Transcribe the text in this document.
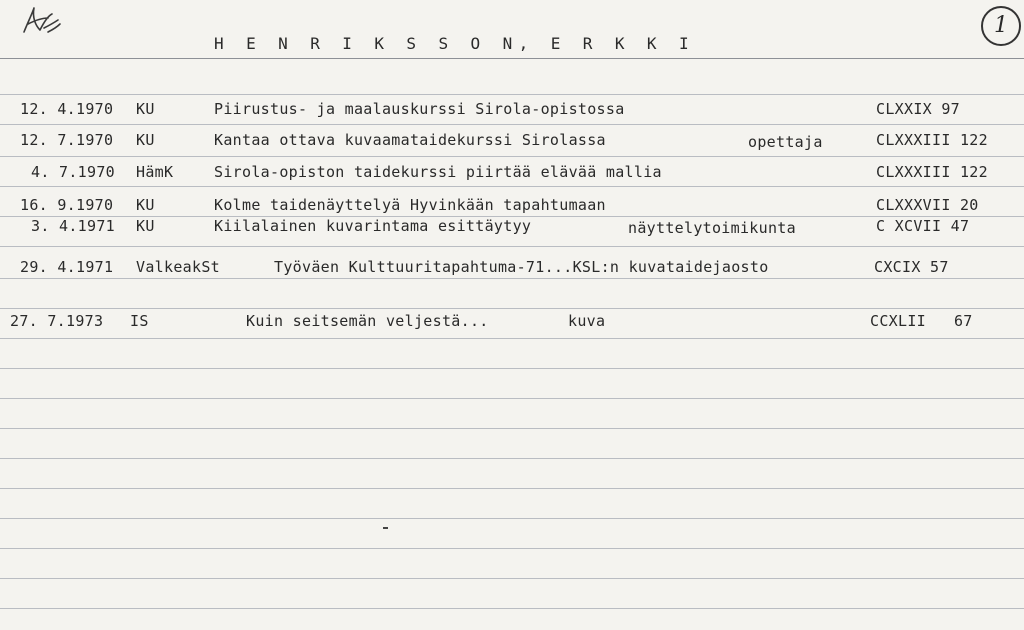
H E N R I K S S O N, E R K K I
1
12. 4.1970 KU	Piirustus- ja maalauskurssi Sirola-opistossa	CLXXIX 97
12. 7.1970 KU	Kantaa ottava kuvaamataidekurssi Sirolassa	opettaja	CLXXXIII 122
4. 7.1970 HämK	Sirola-opiston taidekurssi piirtää elävää mallia	CLXXXIII 122
16. 9.1970 KU	Kolme taidenäyttelyä Hyvinkään tapahtumaan	CLXXXVII 20
3. 4.1971 KU	Kiilalainen kuvarintama esittäytyy	näyttelytoimikunta	C XCVII 47
29. 4.1971 ValkeakSt	Työväen Kulttuuritapahtuma-71...KSL:n kuvataidejaosto	CXCIX 57
27. 7.1973 IS	Kuin seitsemän veljestä...	kuva	CCXLII   67
